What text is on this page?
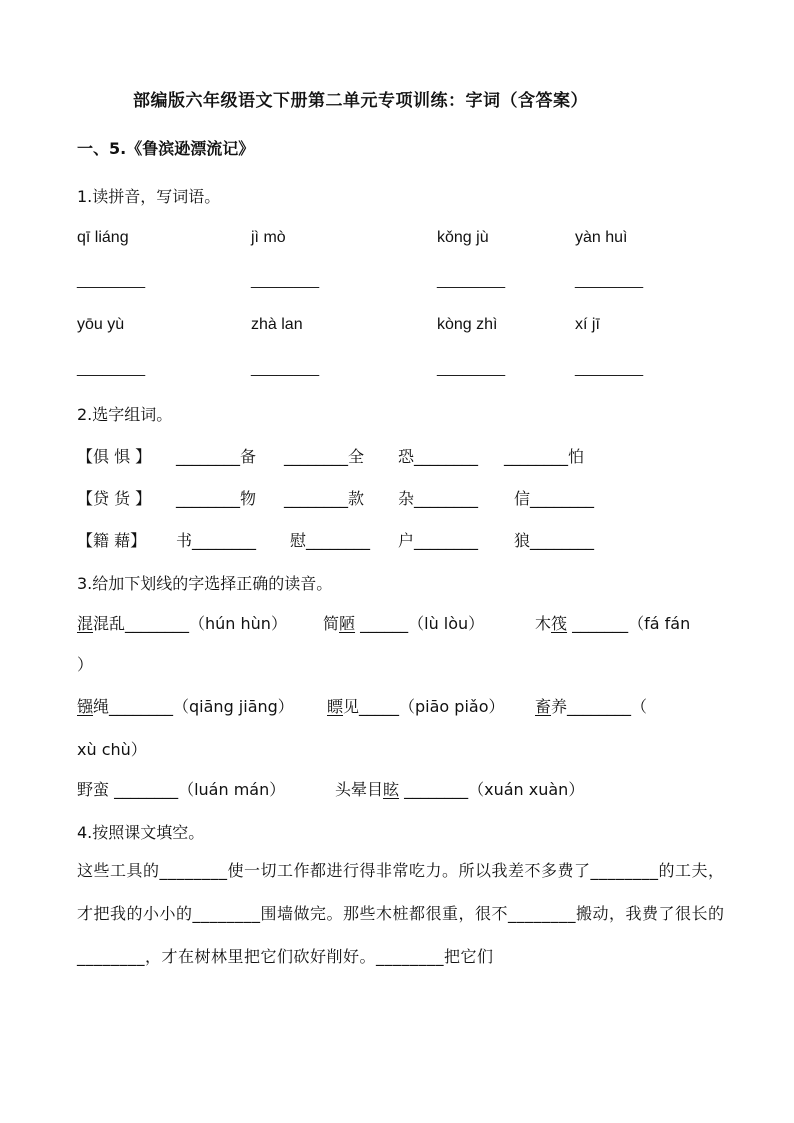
部编版六年级语文下册第二单元专项训练：字词（含答案）
一、5.《鲁滨逊漂流记》
1.读拼音，写词语。
qī liáng	jì mò	kǒng jù	yàn huì
________	________	________	________
yōu yù	zhà lan	kòng zhì	xí jī
________	________	________	________
2.选字组词。
【俱 惧 】 ________备 ________全 恐________ ________怕
【贷 货 】 ________物 ________款 杂________ 信________
【籍 藉】 书________ 慰________ 户________ 狼________
3.给加下划线的字选择正确的读音。
混混乱________（hún hùn） 简陋 ______（lù lòu）	木筏 _______（fá fán
）
镪绳________（qiāng jiāng） 瞟见_____（piāo piǎo） 畜养________（
xù chù）
野蛮 ________（luán mán）	头晕目眩 ________（xuán xuàn）
4.按照课文填空。
这些工具的________使一切工作都进行得非常吃力。所以我差不多费了________的工夫，才把我的小小的________围墙做完。那些木桩都很重，很不________搬动，我费了很长的________，才在树林里把它们砍好削好。________把它们
